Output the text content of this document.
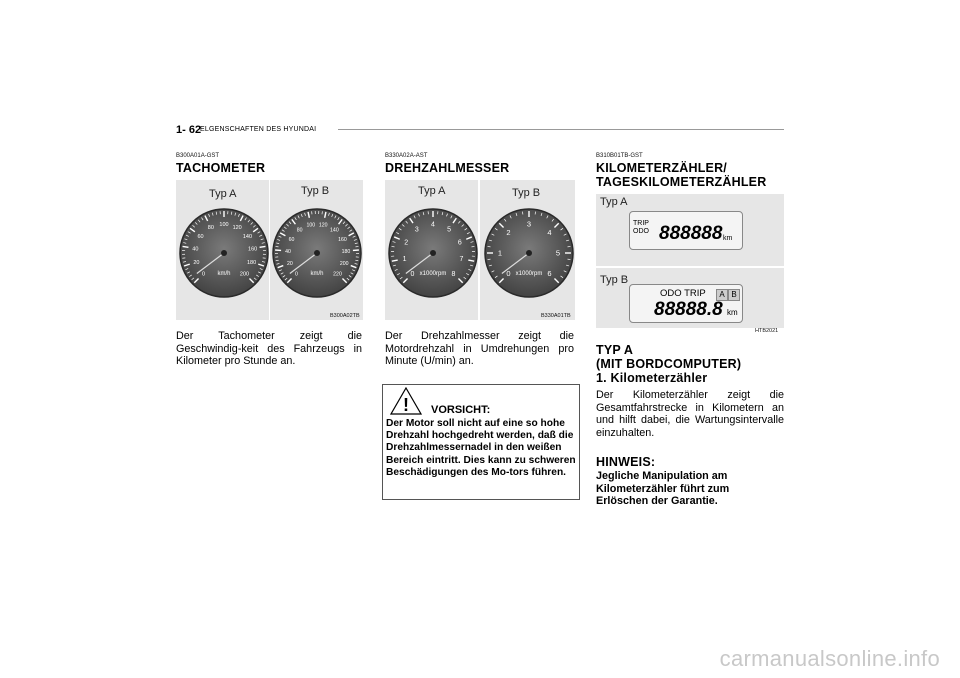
1- 62
ELGENSCHAFTEN DES HYUNDAI
B300A01A-GST
TACHOMETER
Typ A	Typ B
0
20
40
60
80
100
120
140
160
180
200
km/h	0
20
40
60
80
100 120
140
160
180
200
220
km/h
B300A02TB
Der Tachometer zeigt die Geschwindig-keit des Fahrzeugs in Kilometer pro Stunde an.
B330A02A-AST
DREHZAHLMESSER
Typ A	Typ B
0
1
2
3
4
5
6
7
8
x1000rpm	0
1
2
3
4
5
6
x1000rpm
B330A01TB
Der Drehzahlmesser zeigt die Motordrehzahl in Umdrehungen pro Minute (U/min) an.
! VORSICHT:
Der Motor soll nicht auf eine so hohe Drehzahl hochgedreht werden, daß die Drehzahlmessernadel in den weißen Bereich eintritt. Dies kann zu schweren Beschädigungen des Mo-tors führen.
B310B01TB-GST
KILOMETERZÄHLER/
TAGESKILOMETERZÄHLER
Typ A
Typ B
TRIP
ODO 888888 km
ODO TRIP	A B
88888.8 km
HTB2021
TYP A
(MIT BORDCOMPUTER)
1. Kilometerzähler
Der Kilometerzähler zeigt die Gesamtfahrstrecke in Kilometern an und hilft dabei, die Wartungsintervalle einzuhalten.
HINWEIS:
Jegliche Manipulation am Kilometerzähler führt zum Erlöschen der Garantie.
carmanualsonline.info
